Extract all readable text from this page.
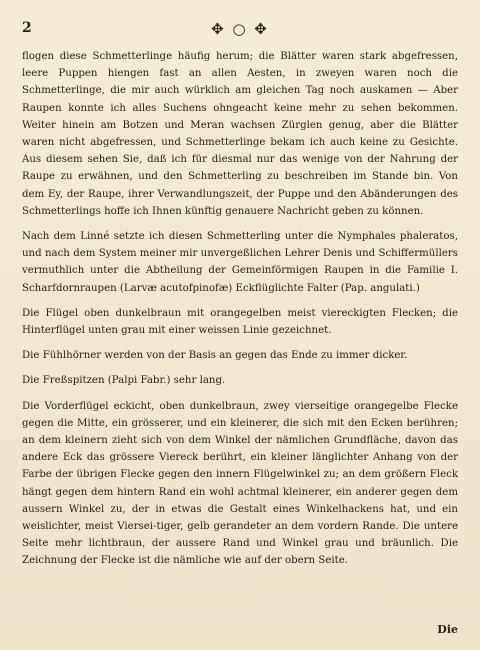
2	✥ ○ ✥

flogen diese Schmetterlinge häufig herum; die Blätter waren stark abgefressen, leere Puppen hiengen fast an allen Aesten, in zweyen waren noch die Schmetterlinge, die mir auch würklich am gleichen Tag noch auskamen — Aber Raupen konnte ich alles Suchens ohngeacht keine mehr zu sehen bekommen. Weiter hinein am Botzen und Meran wachsen Zürglen genug, aber die Blätter waren nicht abgefressen, und Schmetterlinge bekam ich auch keine zu Gesichte. Aus diesem sehen Sie, daß ich für diesmal nur das wenige von der Nahrung der Raupe zu erwähnen, und den Schmetterling zu beschreiben im Stande bin. Von dem Ey, der Raupe, ihrer Verwandlungszeit, der Puppe und den Abänderungen des Schmetterlings hoffe ich Ihnen künftig genauere Nachricht geben zu können.

Nach dem Linné setzte ich diesen Schmetterling unter die Nymphales phaleratos, und nach dem System meiner mir unvergeßlichen Lehrer Denis und Schiffermüllers vermuthlich unter die Abtheilung der Gemeinförmigen Raupen in die Familie I. Scharfdornraupen (Larvæ acutofpinofæ) Eckflüglichte Falter (Pap. angulati.)

Die Flügel oben dunkelbraun mit orangegelben meist viereckigten Flecken; die Hinterflügel unten grau mit einer weissen Linie gezeichnet.

Die Fühlhörner werden von der Basis an gegen das Ende zu immer dicker.

Die Freßspitzen (Palpi Fabr.) sehr lang.

Die Vorderflügel eckicht, oben dunkelbraun, zwey vierseitige orangegelbe Flecke gegen die Mitte, ein grösserer, und ein kleinerer, die sich mit den Ecken berühren; an dem kleinern zieht sich von dem Winkel der nämlichen Grundfläche, davon das andere Eck das grössere Viereck berührt, ein kleiner länglichter Anhang von der Farbe der übrigen Flecke gegen den innern Flügelwinkel zu; an dem größern Fleck hängt gegen dem hintern Rand ein wohl achtmal kleinerer, ein anderer gegen dem aussern Winkel zu, der in etwas die Gestalt eines Winkelhackens hat, und ein weislichter, meist Viersei-tiger, gelb gerandeter an dem vordern Rande. Die untere Seite mehr lichtbraun, der aussere Rand und Winkel grau und bräunlich. Die Zeichnung der Flecke ist die nämliche wie auf der obern Seite.

Die
